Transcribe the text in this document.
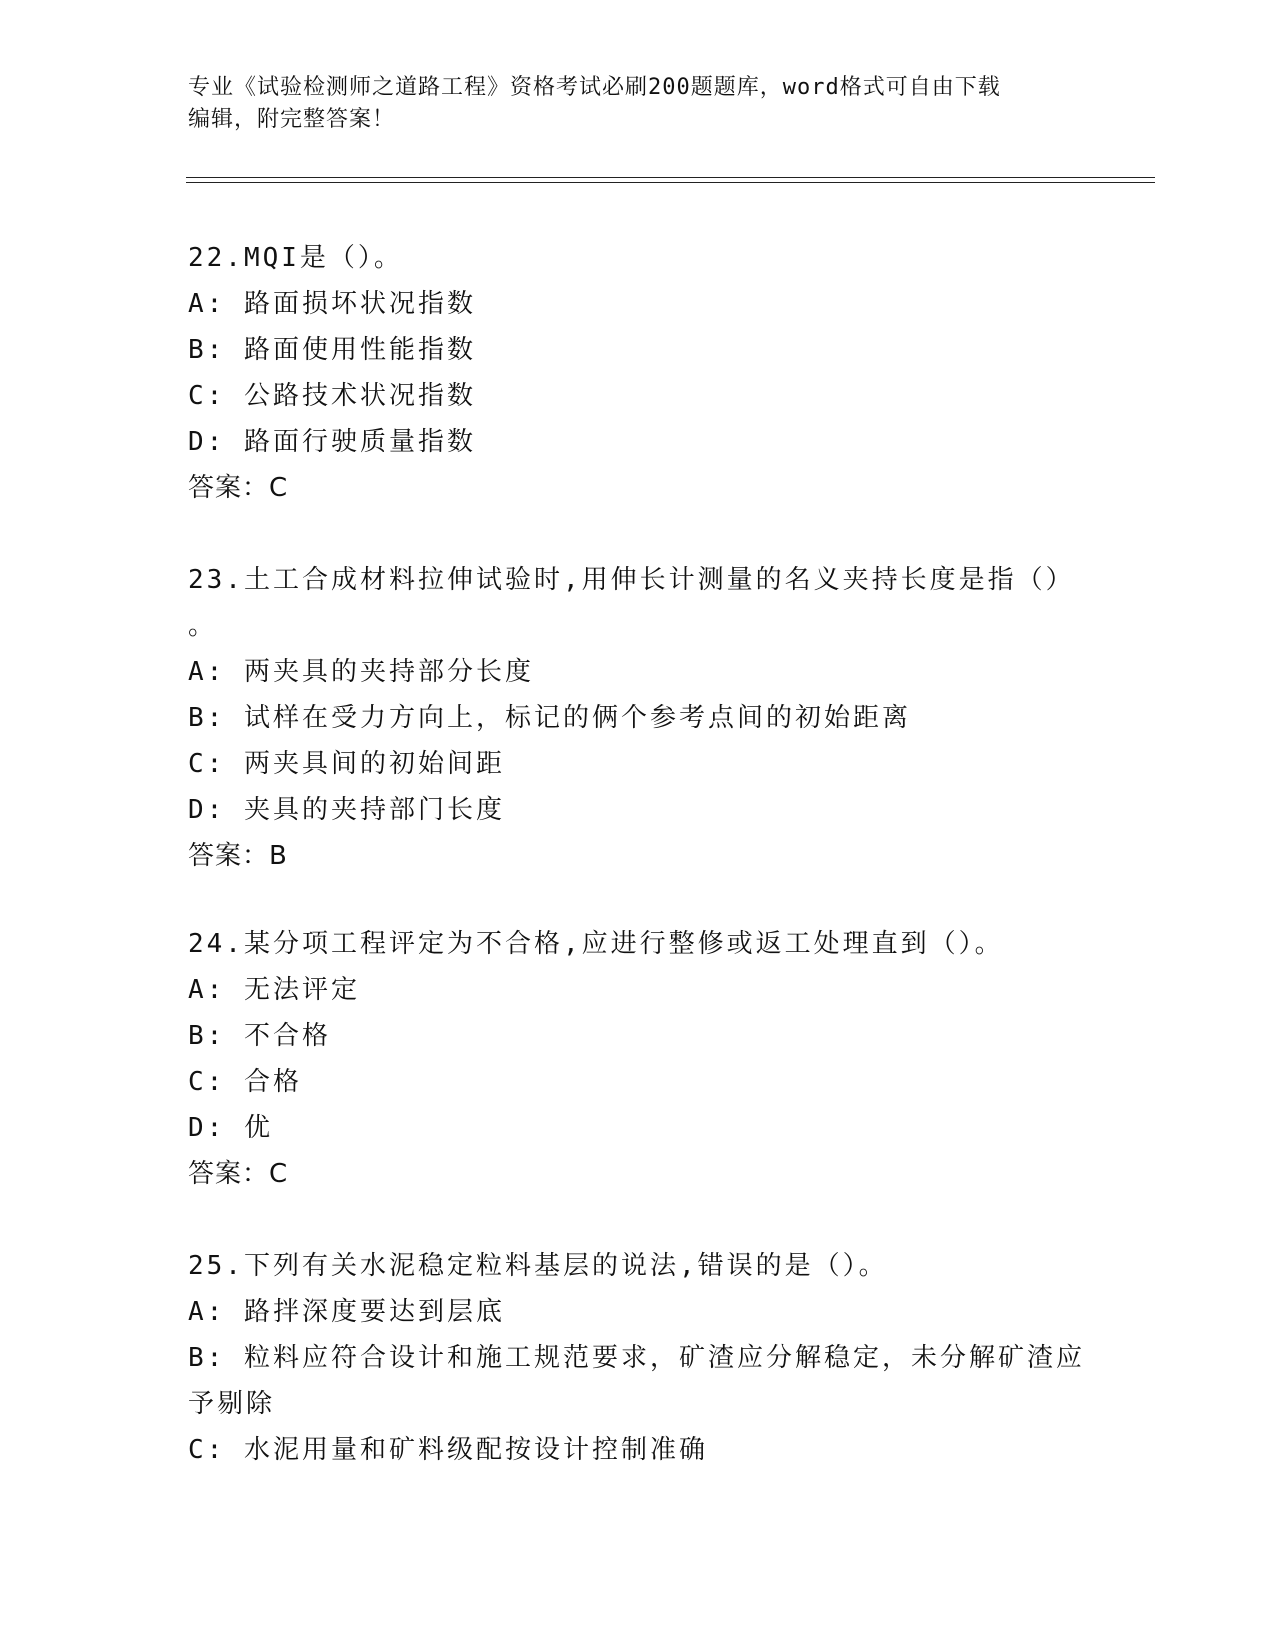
专业《试验检测师之道路工程》资格考试必刷200题题库，word格式可自由下载
编辑，附完整答案！

22.MQI是（）。

A: 路面损坏状况指数

B: 路面使用性能指数

C: 公路技术状况指数

D: 路面行驶质量指数

答案：C

23.土工合成材料拉伸试验时,用伸长计测量的名义夹持长度是指（）

。

A: 两夹具的夹持部分长度

B: 试样在受力方向上，标记的俩个参考点间的初始距离

C: 两夹具间的初始间距

D: 夹具的夹持部门长度

答案：B

24.某分项工程评定为不合格,应进行整修或返工处理直到（）。

A: 无法评定

B: 不合格

C: 合格

D: 优

答案：C

25.下列有关水泥稳定粒料基层的说法,错误的是（）。

A: 路拌深度要达到层底

B: 粒料应符合设计和施工规范要求，矿渣应分解稳定，未分解矿渣应

予剔除

C: 水泥用量和矿料级配按设计控制准确
